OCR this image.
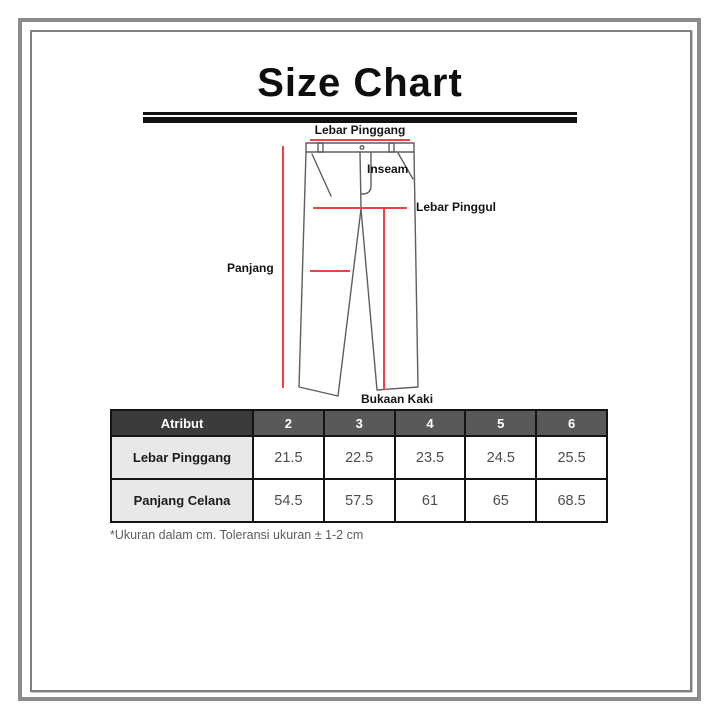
Size Chart
Lebar Pinggang
Inseam
Lebar Pinggul
Panjang
Bukaan Kaki
Atribut	2	3	4	5	6
Lebar Pinggang	21.5	22.5	23.5	24.5	25.5
Panjang Celana	54.5	57.5	61	65	68.5
*Ukuran dalam cm. Toleransi ukuran ± 1-2 cm
